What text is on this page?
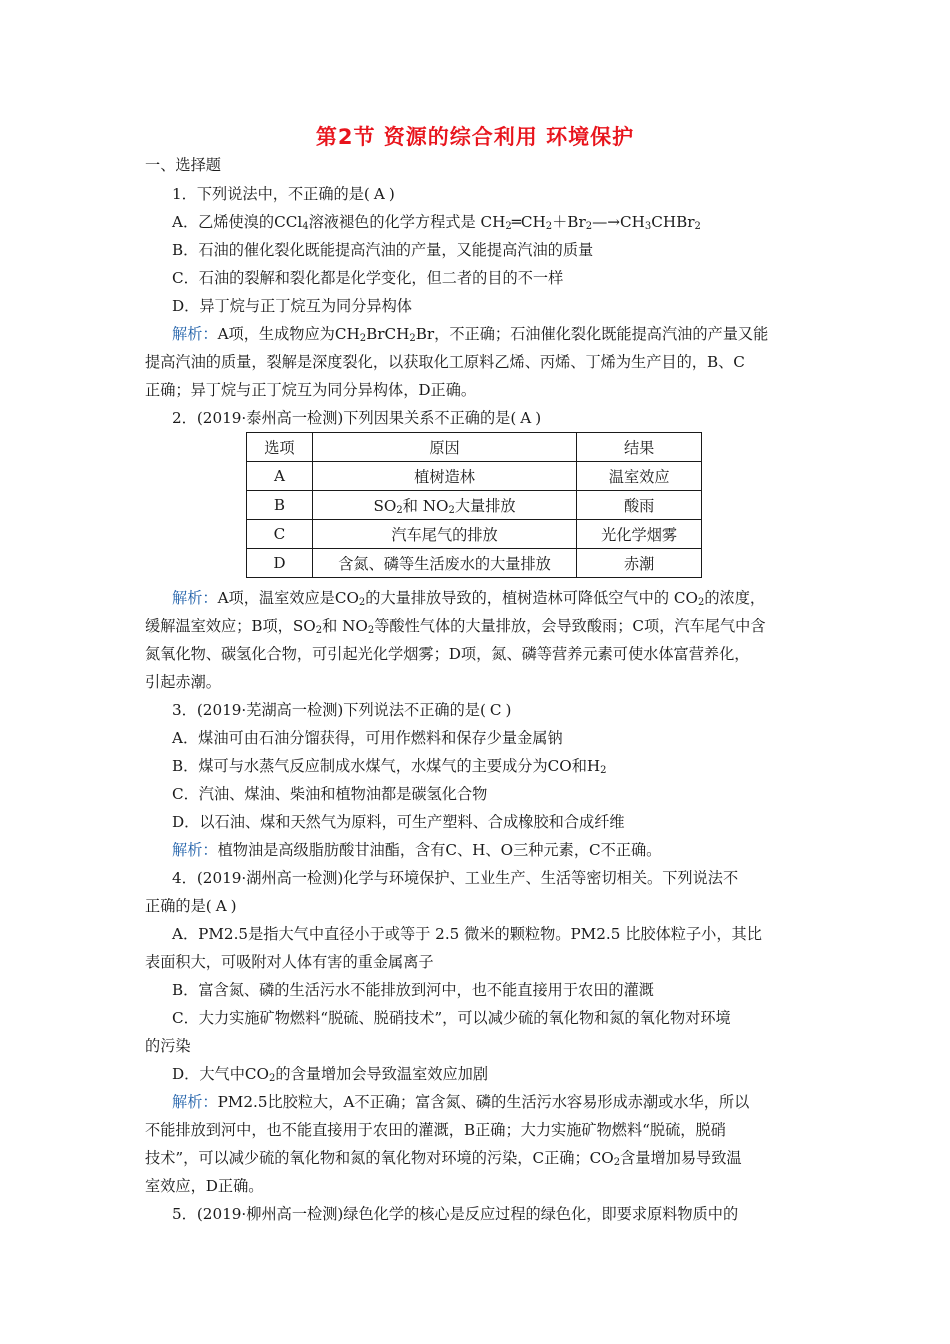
第2节 资源的综合利用 环境保护
一、选择题
1．下列说法中，不正确的是( A )
A．乙烯使溴的CCl$_4$溶液褪色的化学方程式是 $CH_2═CH_2+Br_2—\to CH_3CHBr_2$
B．石油的催化裂化既能提高汽油的产量，又能提高汽油的质量
C．石油的裂解和裂化都是化学变化，但二者的目的不一样
D．异丁烷与正丁烷互为同分异构体
解析：A项，生成物应为$CH_2BrCH_2Br$，不正确；石油催化裂化既能提高汽油的产量又能
提高汽油的质量，裂解是深度裂化，以获取化工原料乙烯、丙烯、丁烯为生产目的，B、C
正确；异丁烷与正丁烷互为同分异构体，D正确。
2．(2019·泰州高一检测)下列因果关系不正确的是( A )
选项	原因	结果
A	植树造林	温室效应
B	$SO_2$和 $NO_2$大量排放	酸雨
C	汽车尾气的排放	光化学烟雾
D	含氮、磷等生活废水的大量排放	赤潮
解析：A项，温室效应是$CO_2$的大量排放导致的，植树造林可降低空气中的 $CO_2$的浓度，
缓解温室效应；B项，$SO_2$和 $NO_2$等酸性气体的大量排放，会导致酸雨；C项，汽车尾气中含
氮氧化物、碳氢化合物，可引起光化学烟雾；D项，氮、磷等营养元素可使水体富营养化，
引起赤潮。
3．(2019·芜湖高一检测)下列说法不正确的是( C )
A．煤油可由石油分馏获得，可用作燃料和保存少量金属钠
B．煤可与水蒸气反应制成水煤气，水煤气的主要成分为CO和$H_2$
C．汽油、煤油、柴油和植物油都是碳氢化合物
D．以石油、煤和天然气为原料，可生产塑料、合成橡胶和合成纤维
解析：植物油是高级脂肪酸甘油酯，含有C、H、O三种元素，C不正确。
4．(2019·湖州高一检测)化学与环境保护、工业生产、生活等密切相关。下列说法不
正确的是( A )
A．PM2.5是指大气中直径小于或等于 2.5 微米的颗粒物。PM2.5 比胶体粒子小，其比
表面积大，可吸附对人体有害的重金属离子
B．富含氮、磷的生活污水不能排放到河中，也不能直接用于农田的灌溉
C．大力实施矿物燃料“脱硫、脱硝技术”，可以减少硫的氧化物和氮的氧化物对环境
的污染
D．大气中$CO_2$的含量增加会导致温室效应加剧
解析：PM2.5比胶粒大，A不正确；富含氮、磷的生活污水容易形成赤潮或水华，所以
不能排放到河中，也不能直接用于农田的灌溉，B正确；大力实施矿物燃料“脱硫，脱硝
技术”，可以减少硫的氧化物和氮的氧化物对环境的污染，C正确；$CO_2$含量增加易导致温
室效应，D正确。
5．(2019·柳州高一检测)绿色化学的核心是反应过程的绿色化，即要求原料物质中的
